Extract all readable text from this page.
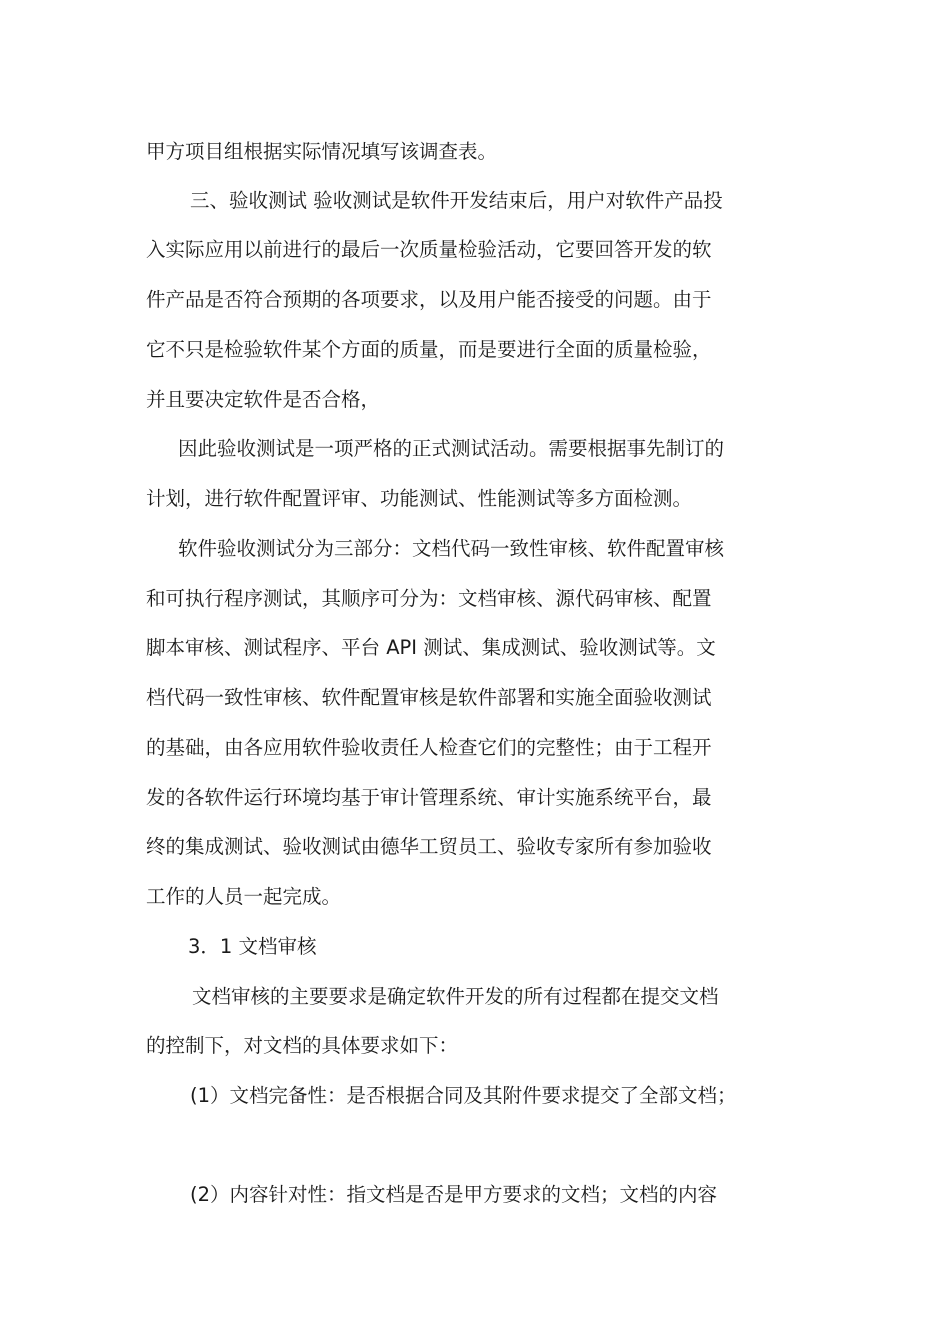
甲方项目组根据实际情况填写该调查表。
三、验收测试 验收测试是软件开发结束后，用户对软件产品投
入实际应用以前进行的最后一次质量检验活动，它要回答开发的软
件产品是否符合预期的各项要求，以及用户能否接受的问题。由于
它不只是检验软件某个方面的质量，而是要进行全面的质量检验，
并且要决定软件是否合格，
因此验收测试是一项严格的正式测试活动。需要根据事先制订的
计划，进行软件配置评审、功能测试、性能测试等多方面检测。
软件验收测试分为三部分：文档代码一致性审核、软件配置审核
和可执行程序测试，其顺序可分为：文档审核、源代码审核、配置
脚本审核、测试程序、平台 API 测试、集成测试、验收测试等。文
档代码一致性审核、软件配置审核是软件部署和实施全面验收测试
的基础，由各应用软件验收责任人检查它们的完整性；由于工程开
发的各软件运行环境均基于审计管理系统、审计实施系统平台，最
终的集成测试、验收测试由德华工贸员工、验收专家所有参加验收
工作的人员一起完成。
3．1 文档审核
文档审核的主要要求是确定软件开发的所有过程都在提交文档
的控制下，对文档的具体要求如下：
(1）文档完备性：是否根据合同及其附件要求提交了全部文档；
(2）内容针对性：指文档是否是甲方要求的文档；文档的内容
